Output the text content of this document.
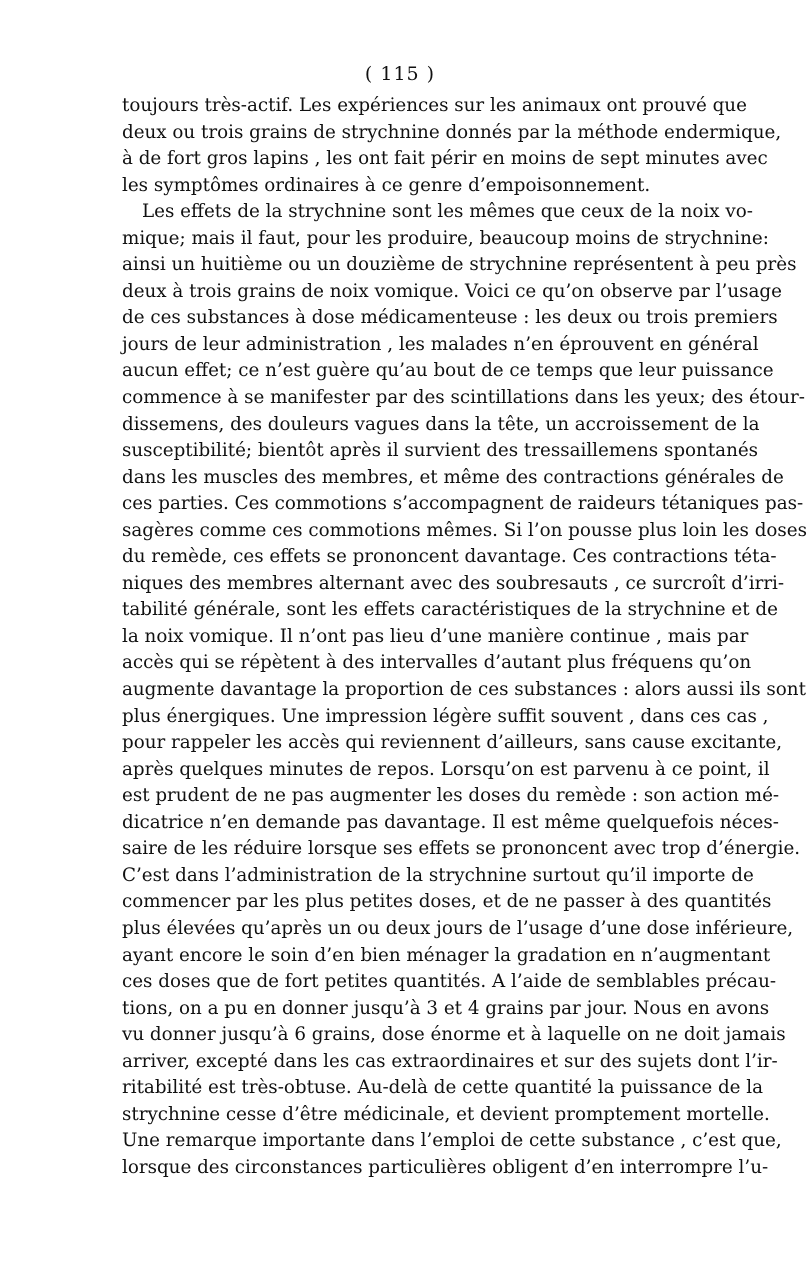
( 115 )
toujours très-actif. Les expériences sur les animaux ont prouvé que
deux ou trois grains de strychnine donnés par la méthode endermique,
à de fort gros lapins , les ont fait périr en moins de sept minutes avec
les symptômes ordinaires à ce genre d’empoisonnement.
Les effets de la strychnine sont les mêmes que ceux de la noix vo-
mique; mais il faut, pour les produire, beaucoup moins de strychnine:
ainsi un huitième ou un douzième de strychnine représentent à peu près
deux à trois grains de noix vomique. Voici ce qu’on observe par l’usage
de ces substances à dose médicamenteuse : les deux ou trois premiers
jours de leur administration , les malades n’en éprouvent en général
aucun effet; ce n’est guère qu’au bout de ce temps que leur puissance
commence à se manifester par des scintillations dans les yeux; des étour-
dissemens, des douleurs vagues dans la tête, un accroissement de la
susceptibilité; bientôt après il survient des tressaillemens spontanés
dans les muscles des membres, et même des contractions générales de
ces parties. Ces commotions s’accompagnent de raideurs tétaniques pas-
sagères comme ces commotions mêmes. Si l’on pousse plus loin les doses
du remède, ces effets se prononcent davantage. Ces contractions téta-
niques des membres alternant avec des soubresauts , ce surcroît d’irri-
tabilité générale, sont les effets caractéristiques de la strychnine et de
la noix vomique. Il n’ont pas lieu d’une manière continue , mais par
accès qui se répètent à des intervalles d’autant plus fréquens qu’on
augmente davantage la proportion de ces substances : alors aussi ils sont
plus énergiques. Une impression légère suffit souvent , dans ces cas ,
pour rappeler les accès qui reviennent d’ailleurs, sans cause excitante,
après quelques minutes de repos. Lorsqu’on est parvenu à ce point, il
est prudent de ne pas augmenter les doses du remède : son action mé-
dicatrice n’en demande pas davantage. Il est même quelquefois néces-
saire de les réduire lorsque ses effets se prononcent avec trop d’énergie.
C’est dans l’administration de la strychnine surtout qu’il importe de
commencer par les plus petites doses, et de ne passer à des quantités
plus élevées qu’après un ou deux jours de l’usage d’une dose inférieure,
ayant encore le soin d’en bien ménager la gradation en n’augmentant
ces doses que de fort petites quantités. A l’aide de semblables précau-
tions, on a pu en donner jusqu’à 3 et 4 grains par jour. Nous en avons
vu donner jusqu’à 6 grains, dose énorme et à laquelle on ne doit jamais
arriver, excepté dans les cas extraordinaires et sur des sujets dont l’ir-
ritabilité est très-obtuse. Au-delà de cette quantité la puissance de la
strychnine cesse d’être médicinale, et devient promptement mortelle.
Une remarque importante dans l’emploi de cette substance , c’est que,
lorsque des circonstances particulières obligent d’en interrompre l’u-
